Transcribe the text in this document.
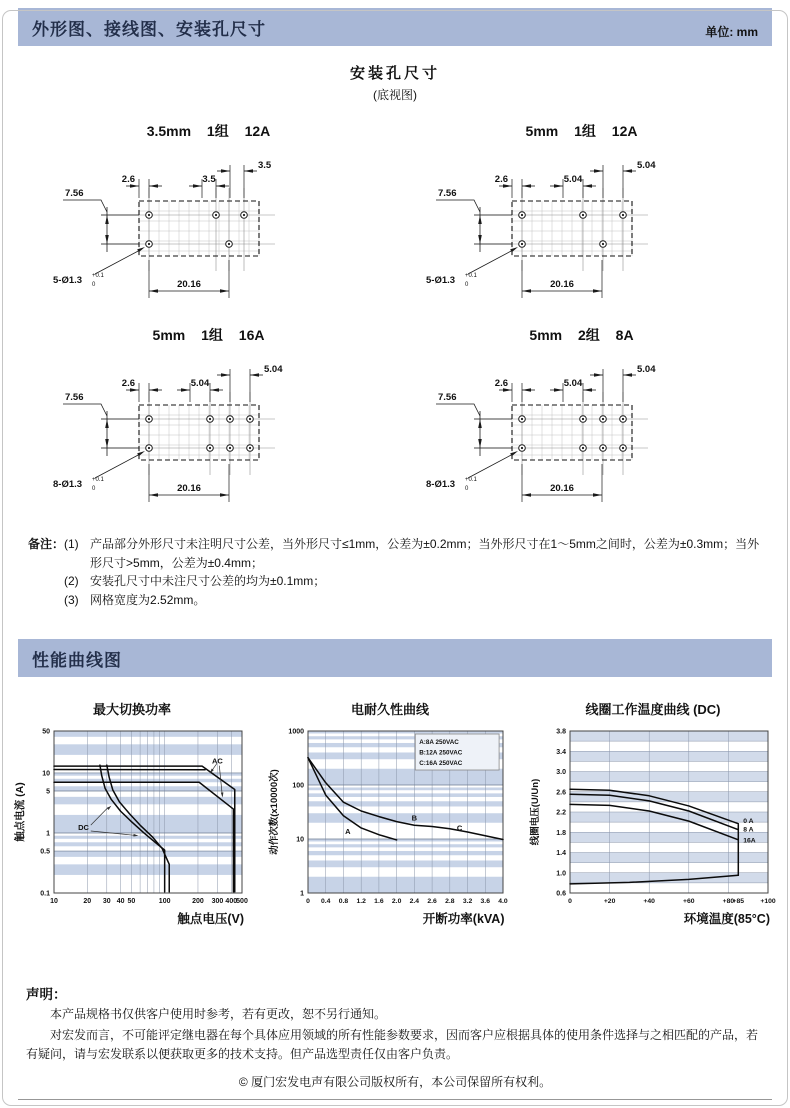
外形图、接线图、安装孔尺寸	单位: mm
安装孔尺寸
(底视图)
3.5mm 1组 12A
2.6	3.5
3.5
7.56
5-Ø1.3 +0.1
0	20.16
5mm 1组 12A
2.6	5.04
5.04
7.56
5-Ø1.3 +0.1
0	20.16
5mm 1组 16A
2.6	5.04
5.04
7.56
8-Ø1.3 +0.1
0	20.16
5mm 2组 8A
2.6	5.04
5.04
7.56
8-Ø1.3 +0.1
0	20.16
备注： (1) 产品部分外形尺寸未注明尺寸公差，当外形尺寸≤1mm，公差为±0.2mm；当外形尺寸在1～5mm之间时，公差为±0.3mm；当外形尺寸>5mm，公差为±0.4mm；
(2) 安装孔尺寸中未注尺寸公差的均为±0.1mm；
(3) 网格宽度为2.52mm。
性能曲线图
最大切换功率
AC
DC
50
10
5
1
0.5
0.1
10	20 30 40 50	100	200 300 400 500
触点电流 (A)
触点电压(V)
电耐久性曲线
A:8A 250VAC
B:12A 250VAC
C:16A 250VAC
A
B
C
1000
100
10
1
0 0.4 0.8 1.2 1.6 2.0 2.4 2.6 2.8 3.2 3.6 4.0
动作次数(x10000次)
开断功率(kVA)
线圈工作温度曲线 (DC)
0 A
8 A
16A
3.8
3.4
3.0
2.6
2.2
1.8
1.4
1.0
0.6
0	+20	+40	+60	+80
+85 +100
线圈电压(U/Un)
环境温度(85°C)
声明：

本产品规格书仅供客户使用时参考，若有更改，恕不另行通知。

对宏发而言，不可能评定继电器在每个具体应用领域的所有性能参数要求，因而客户应根据具体的使用条件选择与之相匹配的产品，若有疑问，请与宏发联系以便获取更多的技术支持。但产品选型责任仅由客户负责。

© 厦门宏发电声有限公司版权所有，本公司保留所有权利。
